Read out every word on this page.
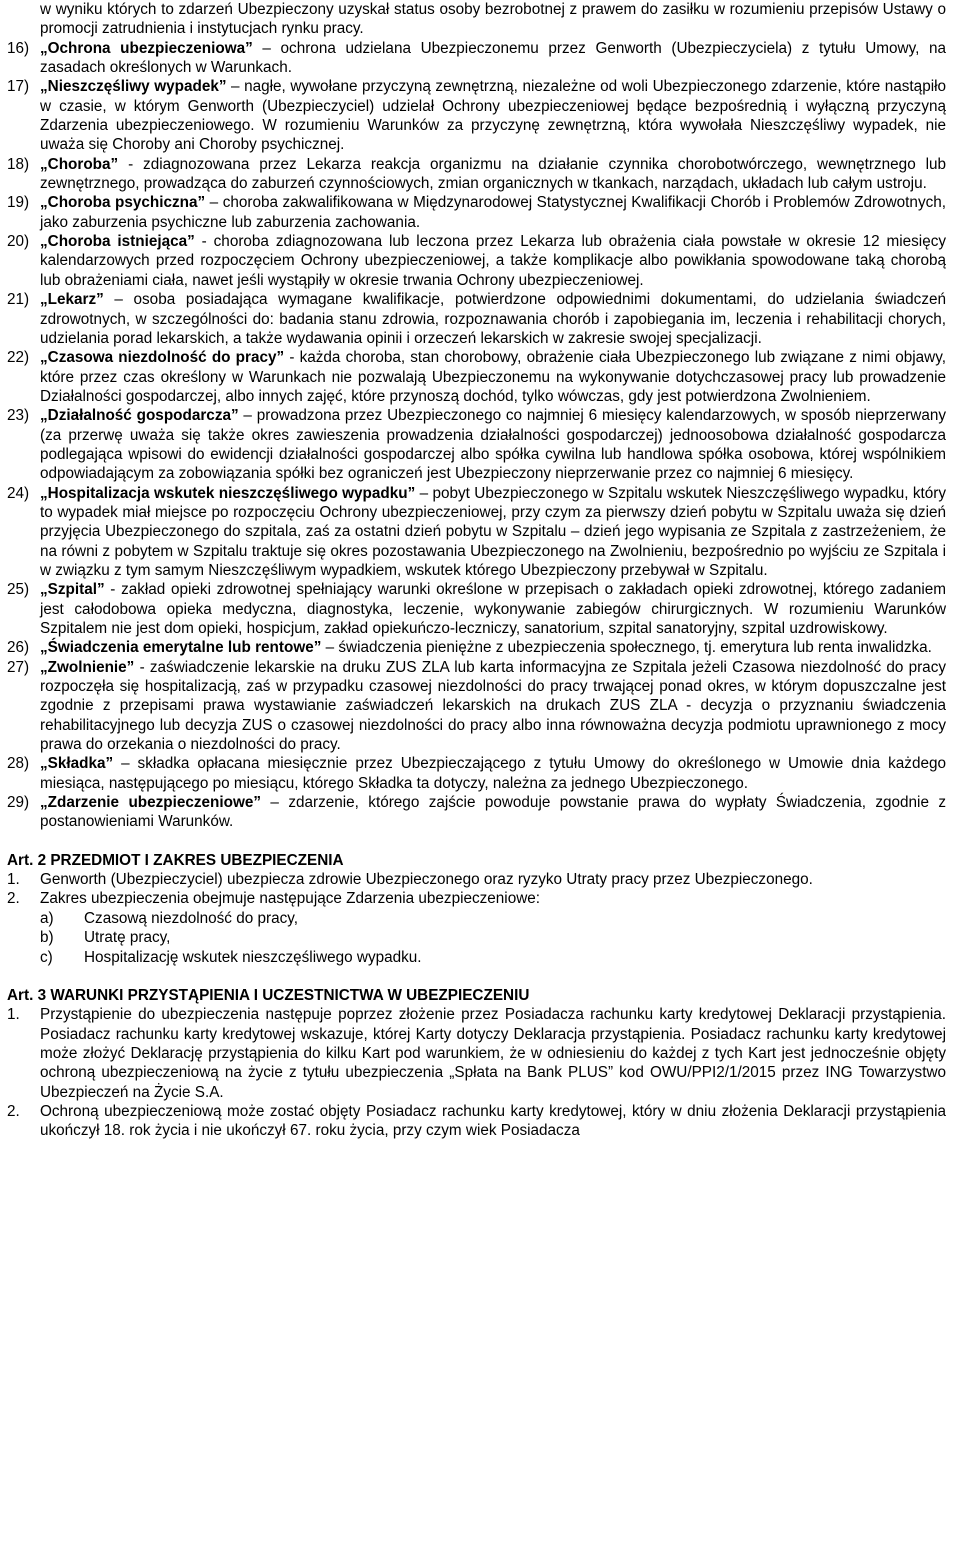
w wyniku których to zdarzeń Ubezpieczony uzyskał status osoby bezrobotnej z prawem do zasiłku w rozumieniu przepisów Ustawy o promocji zatrudnienia i instytucjach rynku pracy.
16) „Ochrona ubezpieczeniowa” – ochrona udzielana Ubezpieczonemu przez Genworth (Ubezpieczyciela) z tytułu Umowy, na zasadach określonych w Warunkach.
17) „Nieszczęśliwy wypadek” – nagłe, wywołane przyczyną zewnętrzną, niezależne od woli Ubezpieczonego zdarzenie, które nastąpiło w czasie, w którym Genworth (Ubezpieczyciel) udzielał Ochrony ubezpieczeniowej będące bezpośrednią i wyłączną przyczyną Zdarzenia ubezpieczeniowego. W rozumieniu Warunków za przyczynę zewnętrzną, która wywołała Nieszczęśliwy wypadek, nie uważa się Choroby ani Choroby psychicznej.
18) „Choroba” - zdiagnozowana przez Lekarza reakcja organizmu na działanie czynnika chorobotwórczego, wewnętrznego lub zewnętrznego, prowadząca do zaburzeń czynnościowych, zmian organicznych w tkankach, narządach, układach lub całym ustroju.
19) „Choroba psychiczna” – choroba zakwalifikowana w Międzynarodowej Statystycznej Kwalifikacji Chorób i Problemów Zdrowotnych, jako zaburzenia psychiczne lub zaburzenia zachowania.
20) „Choroba istniejąca” - choroba zdiagnozowana lub leczona przez Lekarza lub obrażenia ciała powstałe w okresie 12 miesięcy kalendarzowych przed rozpoczęciem Ochrony ubezpieczeniowej, a także komplikacje albo powikłania spowodowane taką chorobą lub obrażeniami ciała, nawet jeśli wystąpiły w okresie trwania Ochrony ubezpieczeniowej.
21) „Lekarz” – osoba posiadająca wymagane kwalifikacje, potwierdzone odpowiednimi dokumentami, do udzielania świadczeń zdrowotnych, w szczególności do: badania stanu zdrowia, rozpoznawania chorób i zapobiegania im, leczenia i rehabilitacji chorych, udzielania porad lekarskich, a także wydawania opinii i orzeczeń lekarskich w zakresie swojej specjalizacji.
22) „Czasowa niezdolność do pracy” - każda choroba, stan chorobowy, obrażenie ciała Ubezpieczonego lub związane z nimi objawy, które przez czas określony w Warunkach nie pozwalają Ubezpieczonemu na wykonywanie dotychczasowej pracy lub prowadzenie Działalności gospodarczej, albo innych zajęć, które przynoszą dochód, tylko wówczas, gdy jest potwierdzona Zwolnieniem.
23) „Działalność gospodarcza” – prowadzona przez Ubezpieczonego co najmniej 6 miesięcy kalendarzowych, w sposób nieprzerwany (za przerwę uważa się także okres zawieszenia prowadzenia działalności gospodarczej) jednoosobowa działalność gospodarcza podlegająca wpisowi do ewidencji działalności gospodarczej albo spółka cywilna lub handlowa spółka osobowa, której wspólnikiem odpowiadającym za zobowiązania spółki bez ograniczeń jest Ubezpieczony nieprzerwanie przez co najmniej 6 miesięcy.
24) „Hospitalizacja wskutek nieszczęśliwego wypadku” – pobyt Ubezpieczonego w Szpitalu wskutek Nieszczęśliwego wypadku, który to wypadek miał miejsce po rozpoczęciu Ochrony ubezpieczeniowej, przy czym za pierwszy dzień pobytu w Szpitalu uważa się dzień przyjęcia Ubezpieczonego do szpitala, zaś za ostatni dzień pobytu w Szpitalu – dzień jego wypisania ze Szpitala z zastrzeżeniem, że na równi z pobytem w Szpitalu traktuje się okres pozostawania Ubezpieczonego na Zwolnieniu, bezpośrednio po wyjściu ze Szpitala i w związku z tym samym Nieszczęśliwym wypadkiem, wskutek którego Ubezpieczony przebywał w Szpitalu.
25) „Szpital” - zakład opieki zdrowotnej spełniający warunki określone w przepisach o zakładach opieki zdrowotnej, którego zadaniem jest całodobowa opieka medyczna, diagnostyka, leczenie, wykonywanie zabiegów chirurgicznych. W rozumieniu Warunków Szpitalem nie jest dom opieki, hospicjum, zakład opiekuńczo-leczniczy, sanatorium, szpital sanatoryjny, szpital uzdrowiskowy.
26) „Świadczenia emerytalne lub rentowe” – świadczenia pieniężne z ubezpieczenia społecznego, tj. emerytura lub renta inwalidzka.
27) „Zwolnienie” - zaświadczenie lekarskie na druku ZUS ZLA lub karta informacyjna ze Szpitala jeżeli Czasowa niezdolność do pracy rozpoczęła się hospitalizacją, zaś w przypadku czasowej niezdolności do pracy trwającej ponad okres, w którym dopuszczalne jest zgodnie z przepisami prawa wystawianie zaświadczeń lekarskich na drukach ZUS ZLA - decyzja o przyznaniu świadczenia rehabilitacyjnego lub decyzja ZUS o czasowej niezdolności do pracy albo inna równoważna decyzja podmiotu uprawnionego z mocy prawa do orzekania o niezdolności do pracy.
28) „Składka” – składka opłacana miesięcznie przez Ubezpieczającego z tytułu Umowy do określonego w Umowie dnia każdego miesiąca, następującego po miesiącu, którego Składka ta dotyczy, należna za jednego Ubezpieczonego.
29) „Zdarzenie ubezpieczeniowe” – zdarzenie, którego zajście powoduje powstanie prawa do wypłaty Świadczenia, zgodnie z postanowieniami Warunków.
Art. 2 PRZEDMIOT I ZAKRES UBEZPIECZENIA
1. Genworth (Ubezpieczyciel) ubezpiecza zdrowie Ubezpieczonego oraz ryzyko Utraty pracy przez Ubezpieczonego.
2. Zakres ubezpieczenia obejmuje następujące Zdarzenia ubezpieczeniowe:
a)	Czasową niezdolność do pracy,
b)	Utratę pracy,
c)	Hospitalizację wskutek nieszczęśliwego wypadku.
Art. 3 WARUNKI PRZYSTĄPIENIA I UCZESTNICTWA W UBEZPIECZENIU
1. Przystąpienie do ubezpieczenia następuje poprzez złożenie przez Posiadacza rachunku karty kredytowej Deklaracji przystąpienia. Posiadacz rachunku karty kredytowej wskazuje, której Karty dotyczy Deklaracja przystąpienia. Posiadacz rachunku karty kredytowej może złożyć Deklarację przystąpienia do kilku Kart pod warunkiem, że w odniesieniu do każdej z tych Kart jest jednocześnie objęty ochroną ubezpieczeniową na życie z tytułu ubezpieczenia „Spłata na Bank PLUS” kod OWU/PPI2/1/2015 przez ING Towarzystwo Ubezpieczeń na Życie S.A.
2. Ochroną ubezpieczeniową może zostać objęty Posiadacz rachunku karty kredytowej, który w dniu złożenia Deklaracji przystąpienia ukończył 18. rok życia i nie ukończył 67. roku życia, przy czym wiek Posiadacza
